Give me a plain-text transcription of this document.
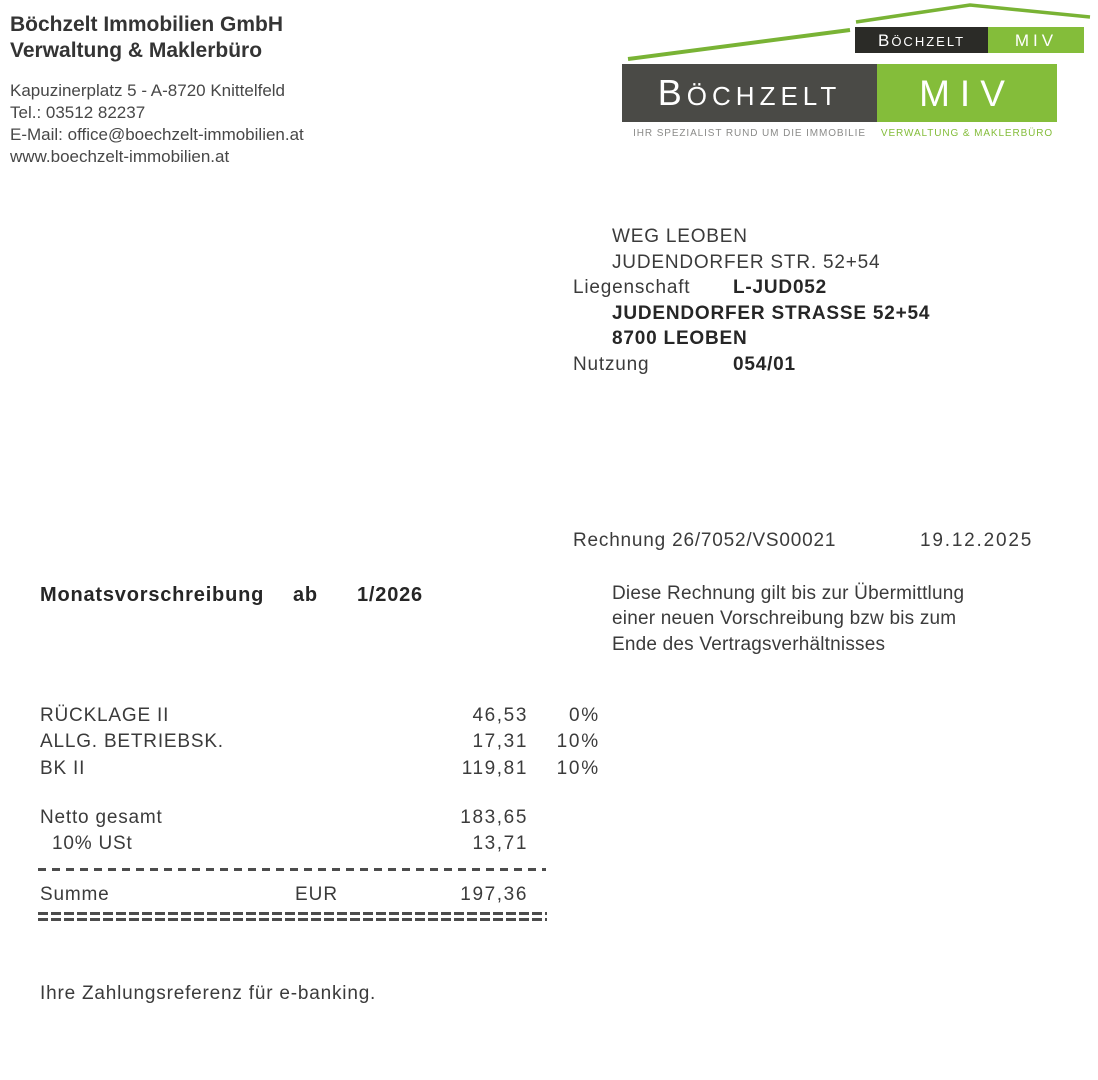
Böchzelt Immobilien GmbH
Verwaltung & Maklerbüro
Kapuzinerplatz 5 - A-8720 Knittelfeld
Tel.: 03512 82237
E-Mail: office@boechzelt-immobilien.at
www.boechzelt-immobilien.at
BÖCHZELT MIV
IHR SPEZIALIST RUND UM DIE IMMOBILIE	VERWALTUNG & MAKLERBÜRO
BÖCHZELT	MIV
WEG LEOBEN
JUDENDORFER STR. 52+54
Liegenschaft L-JUD052
JUDENDORFER STRASSE 52+54
8700 LEOBEN
Nutzung	054/01
Rechnung 26/7052/VS00021	19.12.2025
Monatsvorschreibung ab 1/2026	Diese Rechnung gilt bis zur Übermittlung
einer neuen Vorschreibung bzw bis zum
Ende des Vertragsverhältnisses
RÜCKLAGE II	46,53	0%
ALLG. BETRIEBSK.	17,31	10%
BK II	119,81	10%
Netto gesamt	183,65
10% USt	13,71
Summe	EUR	197,36
Ihre Zahlungsreferenz für e-banking.
